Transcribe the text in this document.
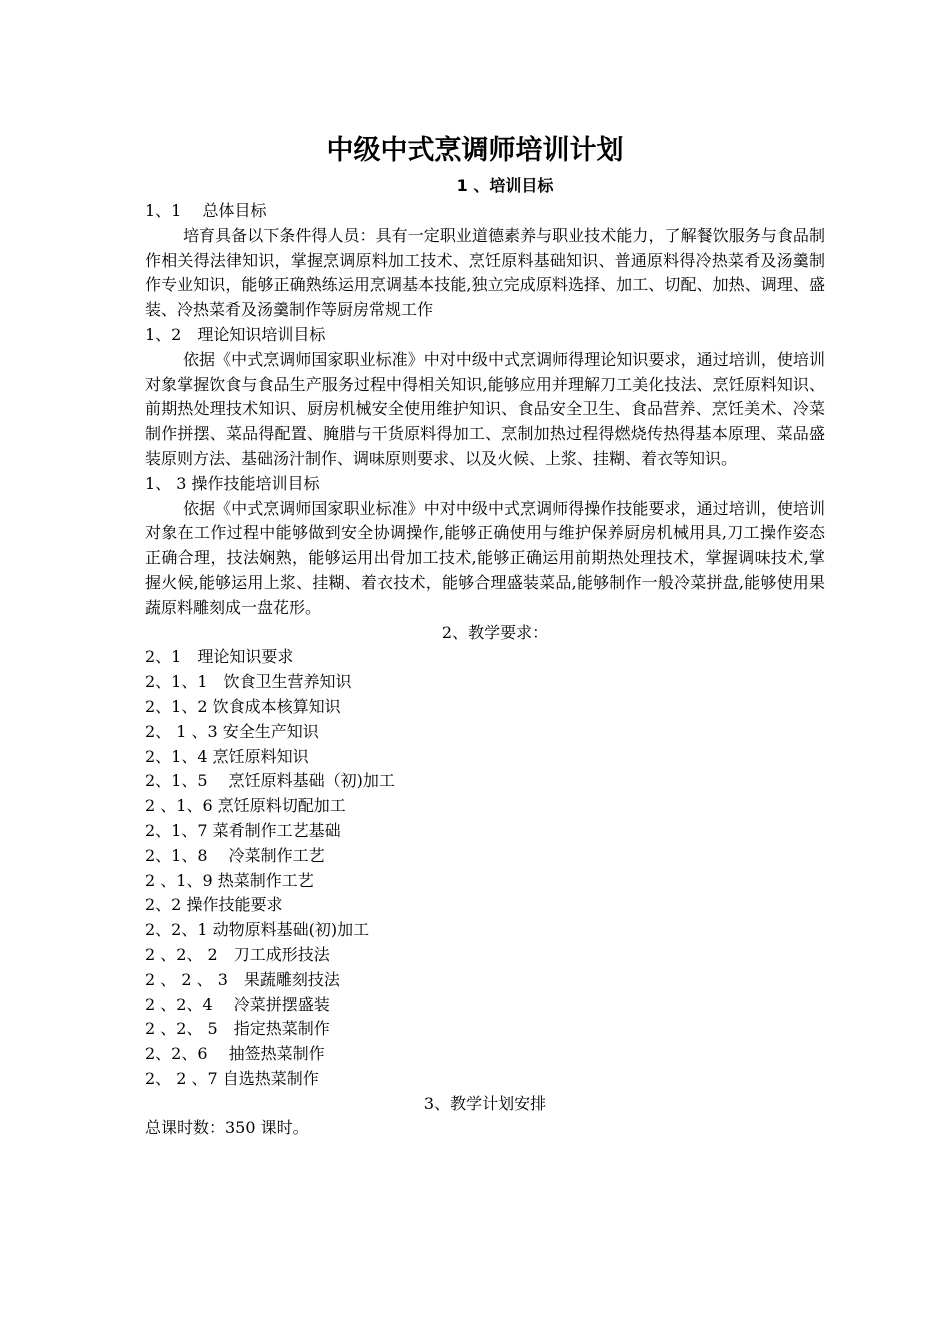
中级中式烹调师培训计划
1 、培训目标
1、1　 总体目标

培育具备以下条件得人员：具有一定职业道德素养与职业技术能力，了解餐饮服务与食品制作相关得法律知识，掌握烹调原料加工技术、烹饪原料基础知识、普通原料得冷热菜肴及汤羹制作专业知识，能够正确熟练运用烹调基本技能,独立完成原料选择、加工、切配、加热、调理、盛装、冷热菜肴及汤羹制作等厨房常规工作

1、2　理论知识培训目标

依据《中式烹调师国家职业标准》中对中级中式烹调师得理论知识要求，通过培训，使培训对象掌握饮食与食品生产服务过程中得相关知识,能够应用并理解刀工美化技法、烹饪原料知识、前期热处理技术知识、厨房机械安全使用维护知识、食品安全卫生、食品营养、烹饪美术、冷菜制作拼摆、菜品得配置、腌腊与干货原料得加工、烹制加热过程得燃烧传热得基本原理、菜品盛装原则方法、基础汤汁制作、调味原则要求、以及火候、上浆、挂糊、着衣等知识。

1、 3 操作技能培训目标

依据《中式烹调师国家职业标准》中对中级中式烹调师得操作技能要求，通过培训，使培训对象在工作过程中能够做到安全协调操作,能够正确使用与维护保养厨房机械用具,刀工操作姿态正确合理，技法娴熟，能够运用出骨加工技术,能够正确运用前期热处理技术，掌握调味技术,掌握火候,能够运用上浆、挂糊、着衣技术，能够合理盛装菜品,能够制作一般冷菜拼盘,能够使用果蔬原料雕刻成一盘花形。

2、教学要求：
2、1　理论知识要求
2、1、1　饮食卫生营养知识
2、1、2 饮食成本核算知识
2、 1 、3 安全生产知识
2、1、4 烹饪原料知识
2、1、5　 烹饪原料基础（初)加工
2 、1、6 烹饪原料切配加工
2、1、7 菜肴制作工艺基础
2、1、8　 冷菜制作工艺
2 、1、9 热菜制作工艺
2、2 操作技能要求
2、2、1 动物原料基础(初)加工
2 、2、 2　刀工成形技法
2 、 2 、 3　果蔬雕刻技法
2 、2、4　 冷菜拼摆盛装
2 、2、 5　指定热菜制作
2、2、6　 抽签热菜制作
2、 2 、7 自选热菜制作
3、教学计划安排
总课时数：350 课时。
